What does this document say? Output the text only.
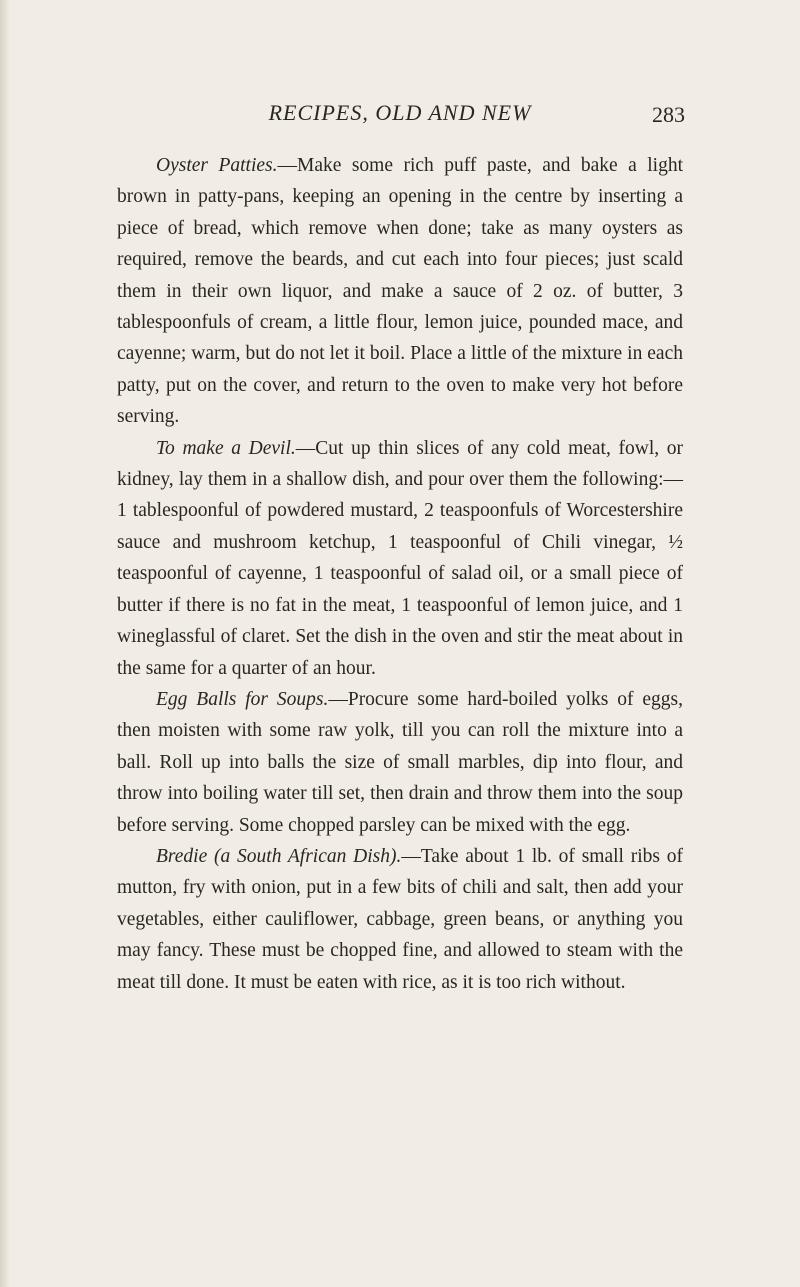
RECIPES, OLD AND NEW	283

Oyster Patties.—Make some rich puff paste, and bake a light brown in patty-pans, keeping an opening in the centre by inserting a piece of bread, which remove when done; take as many oysters as required, remove the beards, and cut each into four pieces; just scald them in their own liquor, and make a sauce of 2 oz. of butter, 3 tablespoonfuls of cream, a little flour, lemon juice, pounded mace, and cayenne; warm, but do not let it boil. Place a little of the mixture in each patty, put on the cover, and return to the oven to make very hot before serving.

To make a Devil.—Cut up thin slices of any cold meat, fowl, or kidney, lay them in a shallow dish, and pour over them the following:—1 tablespoonful of powdered mustard, 2 teaspoonfuls of Worcestershire sauce and mushroom ketchup, 1 teaspoonful of Chili vinegar, ½ teaspoonful of cayenne, 1 teaspoonful of salad oil, or a small piece of butter if there is no fat in the meat, 1 teaspoonful of lemon juice, and 1 wineglassful of claret. Set the dish in the oven and stir the meat about in the same for a quarter of an hour.

Egg Balls for Soups.—Procure some hard-boiled yolks of eggs, then moisten with some raw yolk, till you can roll the mixture into a ball. Roll up into balls the size of small marbles, dip into flour, and throw into boiling water till set, then drain and throw them into the soup before serving. Some chopped parsley can be mixed with the egg.

Bredie (a South African Dish).—Take about 1 lb. of small ribs of mutton, fry with onion, put in a few bits of chili and salt, then add your vegetables, either cauliflower, cabbage, green beans, or anything you may fancy. These must be chopped fine, and allowed to steam with the meat till done. It must be eaten with rice, as it is too rich without.
